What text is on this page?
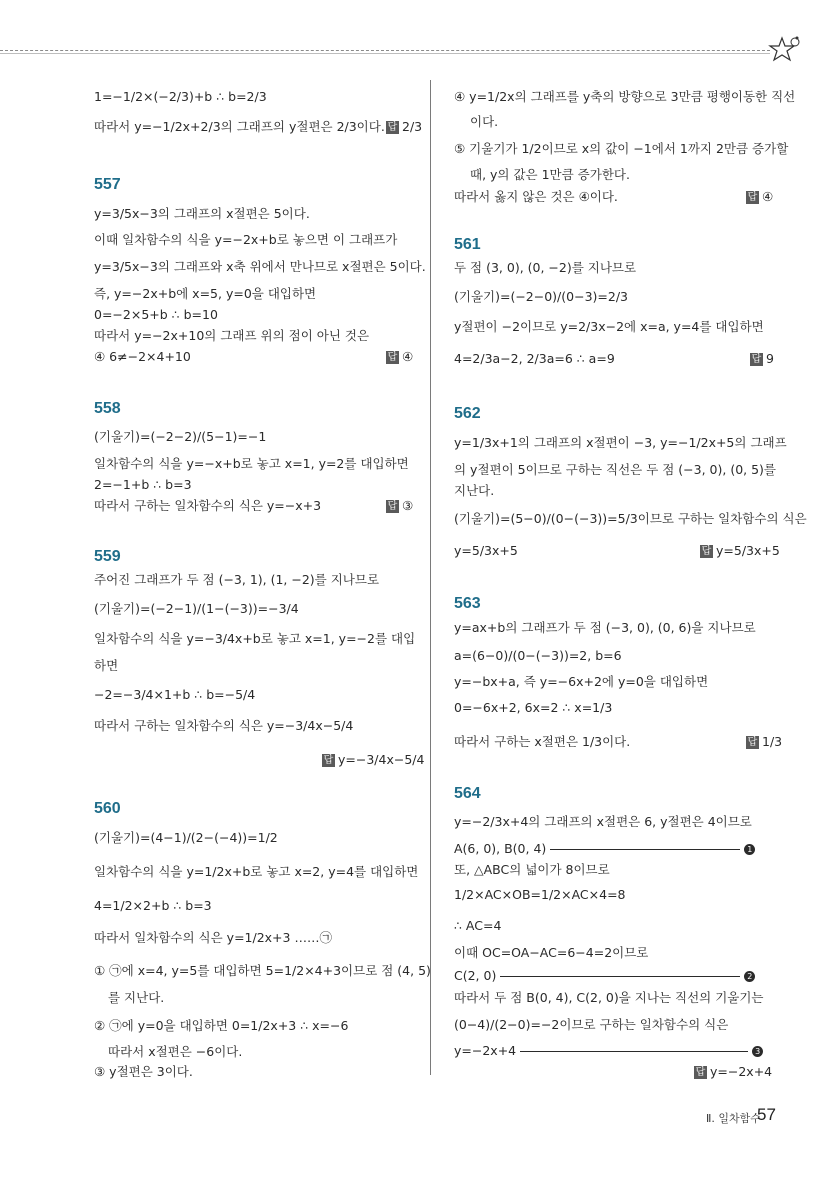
1=−1/2×(−2/3)+b ∴ b=2/3
따라서 y=−1/2x+2/3의 그래프의 y절편은 2/3이다. 답 2/3
557
y=3/5x−3의 그래프의 x절편은 5이다.
이때 일차함수의 식을 y=−2x+b로 놓으면 이 그래프가
y=3/5x−3의 그래프와 x축 위에서 만나므로 x절편은 5이다.
즉, y=−2x+b에 x=5, y=0을 대입하면
0=−2×5+b ∴ b=10
따라서 y=−2x+10의 그래프 위의 점이 아닌 것은
④ 6≠−2×4+10	답 ④
558
(기울기)=(−2−2)/(5−1)=−1
일차함수의 식을 y=−x+b로 놓고 x=1, y=2를 대입하면
2=−1+b ∴ b=3
따라서 구하는 일차함수의 식은 y=−x+3	답 ③
559
주어진 그래프가 두 점 (−3, 1), (1, −2)를 지나므로
(기울기)=(−2−1)/(1−(−3))=−3/4
일차함수의 식을 y=−3/4x+b로 놓고 x=1, y=−2를 대입
하면
−2=−3/4×1+b ∴ b=−5/4
따라서 구하는 일차함수의 식은 y=−3/4x−5/4
답 y=−3/4x−5/4
560
(기울기)=(4−1)/(2−(−4))=1/2
일차함수의 식을 y=1/2x+b로 놓고 x=2, y=4를 대입하면
4=1/2×2+b ∴ b=3
따라서 일차함수의 식은 y=1/2x+3 ……㉠
① ㉠에 x=4, y=5를 대입하면 5=1/2×4+3이므로 점 (4, 5)
를 지난다.
② ㉠에 y=0을 대입하면 0=1/2x+3 ∴ x=−6
따라서 x절편은 −6이다.
③ y절편은 3이다.
④ y=1/2x의 그래프를 y축의 방향으로 3만큼 평행이동한 직선
이다.
⑤ 기울기가 1/2이므로 x의 값이 −1에서 1까지 2만큼 증가할
때, y의 값은 1만큼 증가한다.
따라서 옳지 않은 것은 ④이다.	답 ④
561
두 점 (3, 0), (0, −2)를 지나므로
(기울기)=(−2−0)/(0−3)=2/3
y절편이 −2이므로 y=2/3x−2에 x=a, y=4를 대입하면
4=2/3a−2, 2/3a=6 ∴ a=9	답 9
562
y=1/3x+1의 그래프의 x절편이 −3, y=−1/2x+5의 그래프
의 y절편이 5이므로 구하는 직선은 두 점 (−3, 0), (0, 5)를
지난다.
(기울기)=(5−0)/(0−(−3))=5/3이므로 구하는 일차함수의 식은
y=5/3x+5	답 y=5/3x+5
563
y=ax+b의 그래프가 두 점 (−3, 0), (0, 6)을 지나므로
a=(6−0)/(0−(−3))=2, b=6
y=−bx+a, 즉 y=−6x+2에 y=0을 대입하면
0=−6x+2, 6x=2 ∴ x=1/3
따라서 구하는 x절편은 1/3이다.	답 1/3
564
y=−2/3x+4의 그래프의 x절편은 6, y절편은 4이므로
A(6, 0), B(0, 4)	1
또, △ABC의 넓이가 8이므로
1/2×AC×OB=1/2×AC×4=8
∴ AC=4
이때 OC=OA−AC=6−4=2이므로
C(2, 0)	2
따라서 두 점 B(0, 4), C(2, 0)을 지나는 직선의 기울기는
(0−4)/(2−0)=−2이므로 구하는 일차함수의 식은
y=−2x+4	3
답 y=−2x+4
Ⅱ. 일차함수
57
